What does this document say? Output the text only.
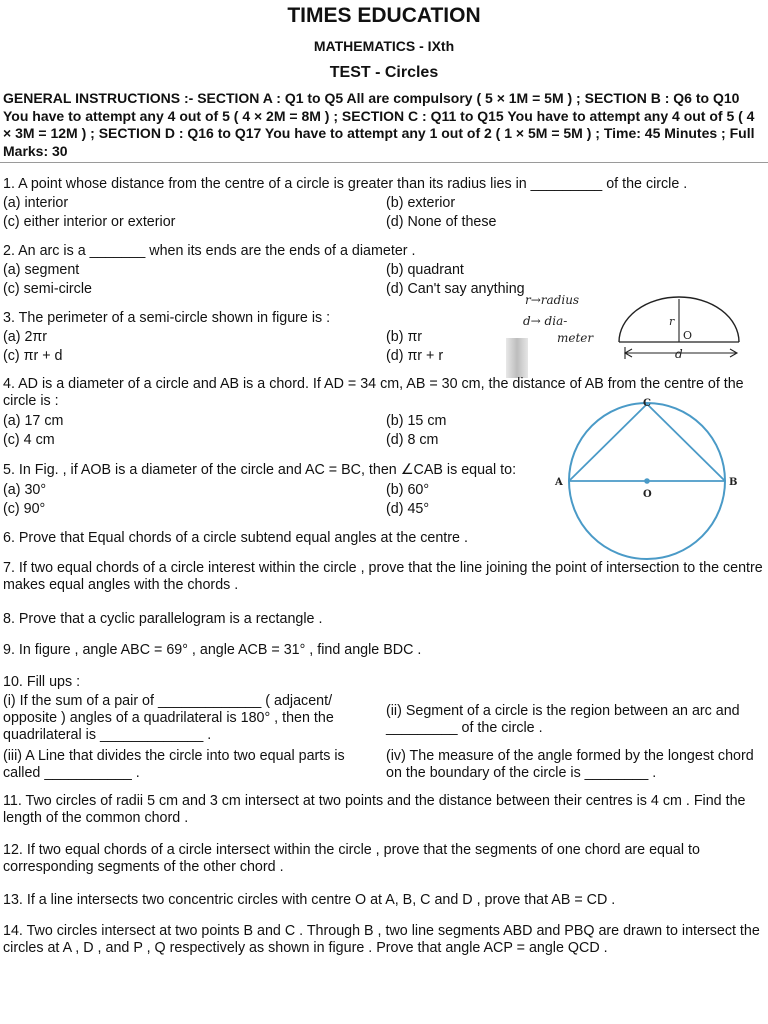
TIMES EDUCATION
MATHEMATICS - IXth
TEST - Circles
GENERAL INSTRUCTIONS :- SECTION A : Q1 to Q5 All are compulsory ( 5 × 1M = 5M ) ; SECTION B : Q6 to Q10 You have to attempt any 4 out of 5 ( 4 × 2M = 8M ) ; SECTION C : Q11 to Q15 You have to attempt any 4 out of 5 ( 4 × 3M = 12M ) ; SECTION D : Q16 to Q17 You have to attempt any 1 out of 2 ( 1 × 5M = 5M ) ; Time: 45 Minutes ; Full Marks: 30
1. A point whose distance from the centre of a circle is greater than its radius lies in _________ of the circle .
(a) interior	(b) exterior
(c) either interior or exterior	(d) None of these
2. An arc is a _______ when its ends are the ends of a diameter .
(a) segment	(b) quadrant
(c) semi-circle	(d) Can't say anything
3. The perimeter of a semi-circle shown in figure is :
(a) 2πr	(b) πr
(c) πr + d	(d) πr + r
r→radius
d→ dia-
meter
r
O
d
4. AD is a diameter of a circle and AB is a chord. If AD = 34 cm, AB = 30 cm, the distance of AB from the centre of the circle is :
(a) 17 cm	(b) 15 cm
(c) 4 cm	(d) 8 cm
5. In Fig. , if AOB is a diameter of the circle and AC = BC, then ∠CAB is equal to:
(a) 30°	(b) 60°
(c) 90°	(d) 45°
A	B
C
O
6. Prove that Equal chords of a circle subtend equal angles at the centre .
7. If two equal chords of a circle interest within the circle , prove that the line joining the point of intersection to the centre makes equal angles with the chords .
8. Prove that a cyclic parallelogram is a rectangle .
9. In figure , angle ABC = 69° , angle ACB = 31° , find angle BDC .
10. Fill ups :
(i) If the sum of a pair of _____________ ( adjacent/ opposite ) angles of a quadrilateral is 180° , then the quadrilateral is _____________ .
(ii) Segment of a circle is the region between an arc and _________ of the circle .
(iii) A Line that divides the circle into two equal parts is called ___________ .
(iv) The measure of the angle formed by the longest chord on the boundary of the circle is ________ .
11. Two circles of radii 5 cm and 3 cm intersect at two points and the distance between their centres is 4 cm . Find the length of the common chord .
12. If two equal chords of a circle intersect within the circle , prove that the segments of one chord are equal to corresponding segments of the other chord .
13. If a line intersects two concentric circles with centre O at A, B, C and D , prove that AB = CD .
14. Two circles intersect at two points B and C . Through B , two line segments ABD and PBQ are drawn to intersect the circles at A , D , and P , Q respectively as shown in figure . Prove that angle ACP = angle QCD .
